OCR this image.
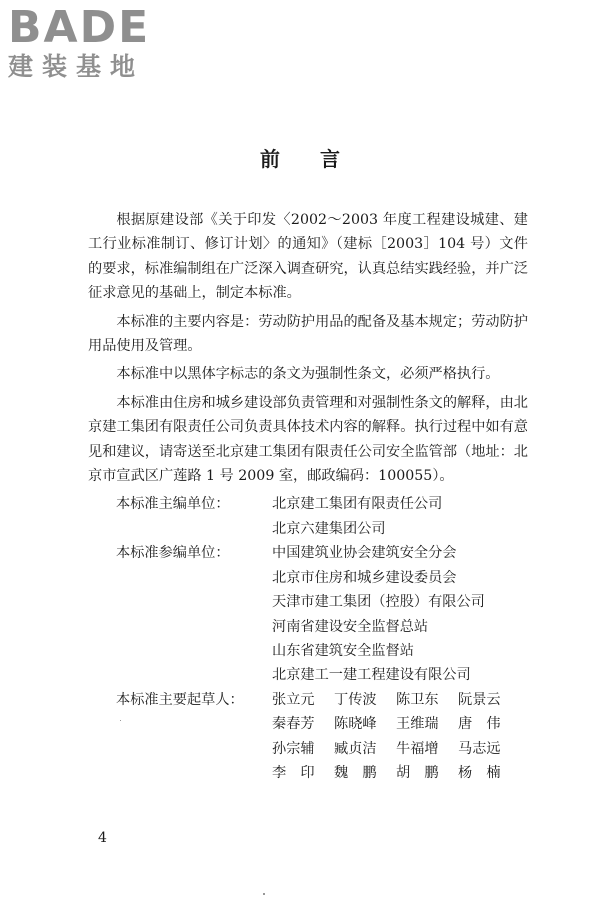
BADE
建装基地
前言

根据原建设部《关于印发〈2002～2003 年度工程建设城建、建工行业标准制订、修订计划〉的通知》（建标［2003］104 号）文件的要求，标准编制组在广泛深入调查研究，认真总结实践经验，并广泛征求意见的基础上，制定本标准。

本标准的主要内容是：劳动防护用品的配备及基本规定；劳动防护用品使用及管理。

本标准中以黑体字标志的条文为强制性条文，必须严格执行。

本标准由住房和城乡建设部负责管理和对强制性条文的解释，由北京建工集团有限责任公司负责具体技术内容的解释。执行过程中如有意见和建议，请寄送至北京建工集团有限责任公司安全监管部（地址：北京市宣武区广莲路 1 号 2009 室，邮政编码：100055）。

本标准主编单位：	北京建工集团有限责任公司
北京六建集团公司
本标准参编单位：	中国建筑业协会建筑安全分会
北京市住房和城乡建设委员会
天津市建工集团（控股）有限公司
河南省建设安全监督总站
山东省建筑安全监督站
北京建工一建工程建设有限公司
本标准主要起草人：	张立元	丁传波	陈卫东	阮景云
秦春芳	陈晓峰	王维瑞	唐　伟
孙宗辅	臧贞洁	牛福增	马志远
李　印	魏　鹏	胡　鹏	杨　楠
4
